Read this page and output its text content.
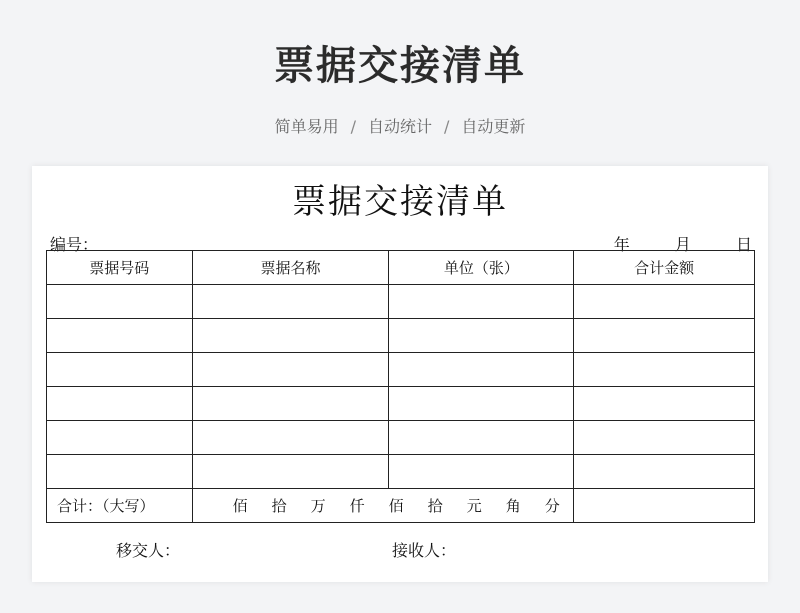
票据交接清单
简单易用 / 自动统计 / 自动更新
票据交接清单
编号：	年	月	日
票据号码	票据名称	单位（张）	合计金额

合计：（大写）	佰 拾 万 仟 佰 拾 元 角 分		
移交人：	接收人：
